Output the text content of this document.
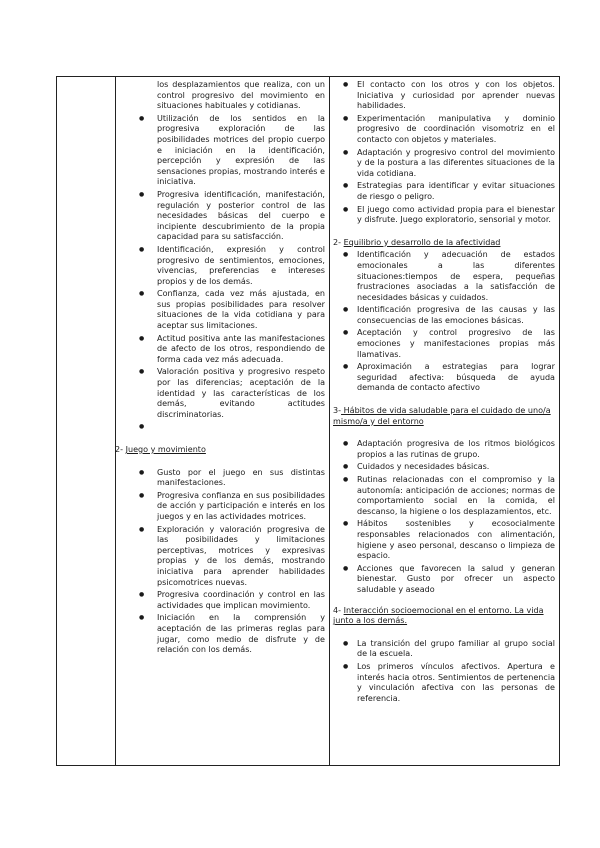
los desplazamientos que realiza, con un control progresivo del movimiento en situaciones habituales y cotidianas.
● Utilización de los sentidos en la progresiva exploración de las posibilidades motrices del propio cuerpo e iniciación en la identificación, percepción y expresión de las sensaciones propias, mostrando interés e iniciativa.
● Progresiva identificación, manifestación, regulación y posterior control de las necesidades básicas del cuerpo e incipiente descubrimiento de la propia capacidad para su satisfacción.
● Identificación, expresión y control progresivo de sentimientos, emociones, vivencias, preferencias e intereses propios y de los demás.
● Confianza, cada vez más ajustada, en sus propias posibilidades para resolver situaciones de la vida cotidiana y para aceptar sus limitaciones.
● Actitud positiva ante las manifestaciones de afecto de los otros, respondiendo de forma cada vez más adecuada.
● Valoración positiva y progresivo respeto por las diferencias; aceptación de la identidad y las características de los demás, evitando actitudes discriminatorias.
●
2- Juego y movimiento
● Gusto por el juego en sus distintas manifestaciones.
● Progresiva confianza en sus posibilidades de acción y participación e interés en los juegos y en las actividades motrices.
● Exploración y valoración progresiva de las posibilidades y limitaciones perceptivas, motrices y expresivas propias y de los demás, mostrando iniciativa para aprender habilidades psicomotrices nuevas.
● Progresiva coordinación y control en las actividades que implican movimiento.
● Iniciación en la comprensión y aceptación de las primeras reglas para jugar, como medio de disfrute y de relación con los demás.
● El contacto con los otros y con los objetos. Iniciativa y curiosidad por aprender nuevas habilidades.
● Experimentación manipulativa y dominio progresivo de coordinación visomotriz en el contacto con objetos y materiales.
● Adaptación y progresivo control del movimiento y de la postura a las diferentes situaciones de la vida cotidiana.
● Estrategias para identificar y evitar situaciones de riesgo o peligro.
● El juego como actividad propia para el bienestar y disfrute. Juego exploratorio, sensorial y motor.
2- Equilibrio y desarrollo de la afectividad
● Identificación y adecuación de estados emocionales a las diferentes situaciones:tiempos de espera, pequeñas frustraciones asociadas a la satisfacción de necesidades básicas y cuidados.
● Identificación progresiva de las causas y las consecuencias de las emociones básicas.
● Aceptación y control progresivo de las emociones y manifestaciones propias más llamativas.
● Aproximación a estrategias para lograr seguridad afectiva: búsqueda de ayuda demanda de contacto afectivo
3- Hábitos de vida saludable para el cuidado de uno/a mismo/a y del entorno
● Adaptación progresiva de los ritmos biológicos propios a las rutinas de grupo.
● Cuidados y necesidades básicas.
● Rutinas relacionadas con el compromiso y la autonomía: anticipación de acciones; normas de comportamiento social en la comida, el descanso, la higiene o los desplazamientos, etc.
● Hábitos sostenibles y ecosocialmente responsables relacionados con alimentación, higiene y aseo personal, descanso o limpieza de espacio.
● Acciones que favorecen la salud y generan bienestar. Gusto por ofrecer un aspecto saludable y aseado
4- Interacción socioemocional en el entorno. La vida junto a los demás.
● La transición del grupo familiar al grupo social de la escuela.
● Los primeros vínculos afectivos. Apertura e interés hacia otros. Sentimientos de pertenencia y vinculación afectiva con las personas de referencia.
